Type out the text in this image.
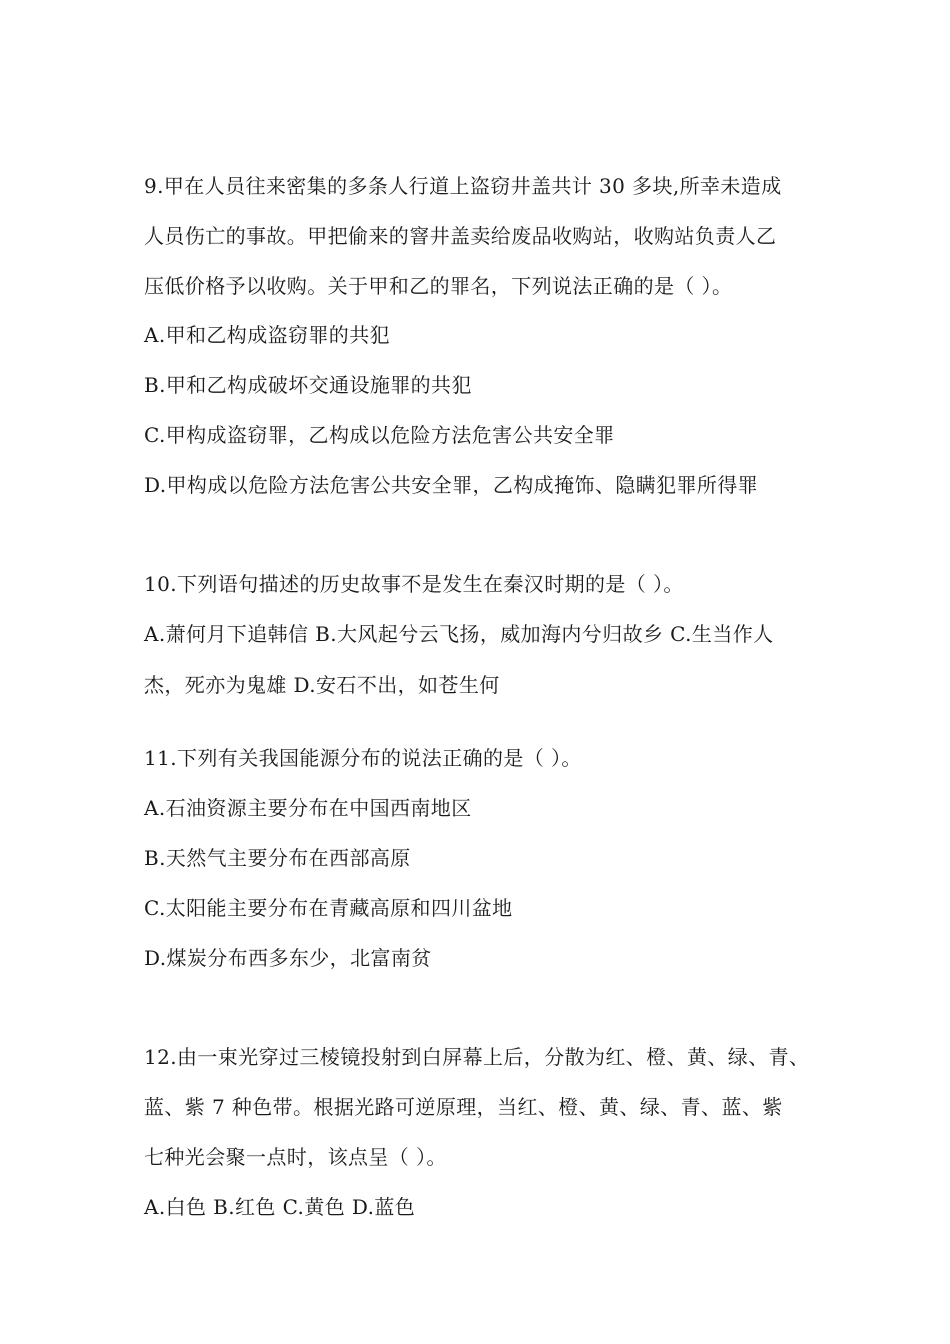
9.甲在人员往来密集的多条人行道上盗窃井盖共计 30 多块,所幸未造成
人员伤亡的事故。甲把偷来的窨井盖卖给废品收购站，收购站负责人乙
压低价格予以收购。关于甲和乙的罪名，下列说法正确的是（ ）。
A.甲和乙构成盗窃罪的共犯
B.甲和乙构成破坏交通设施罪的共犯
C.甲构成盗窃罪，乙构成以危险方法危害公共安全罪
D.甲构成以危险方法危害公共安全罪，乙构成掩饰、隐瞒犯罪所得罪
10.下列语句描述的历史故事不是发生在秦汉时期的是（ ）。
A.萧何月下追韩信 B.大风起兮云飞扬，威加海内兮归故乡 C.生当作人
杰，死亦为鬼雄 D.安石不出，如苍生何
11.下列有关我国能源分布的说法正确的是（ ）。
A.石油资源主要分布在中国西南地区
B.天然气主要分布在西部高原
C.太阳能主要分布在青藏高原和四川盆地
D.煤炭分布西多东少，北富南贫
12.由一束光穿过三棱镜投射到白屏幕上后，分散为红、橙、黄、绿、青、
蓝、紫 7 种色带。根据光路可逆原理，当红、橙、黄、绿、青、蓝、紫
七种光会聚一点时，该点呈（ ）。
A.白色 B.红色 C.黄色 D.蓝色
